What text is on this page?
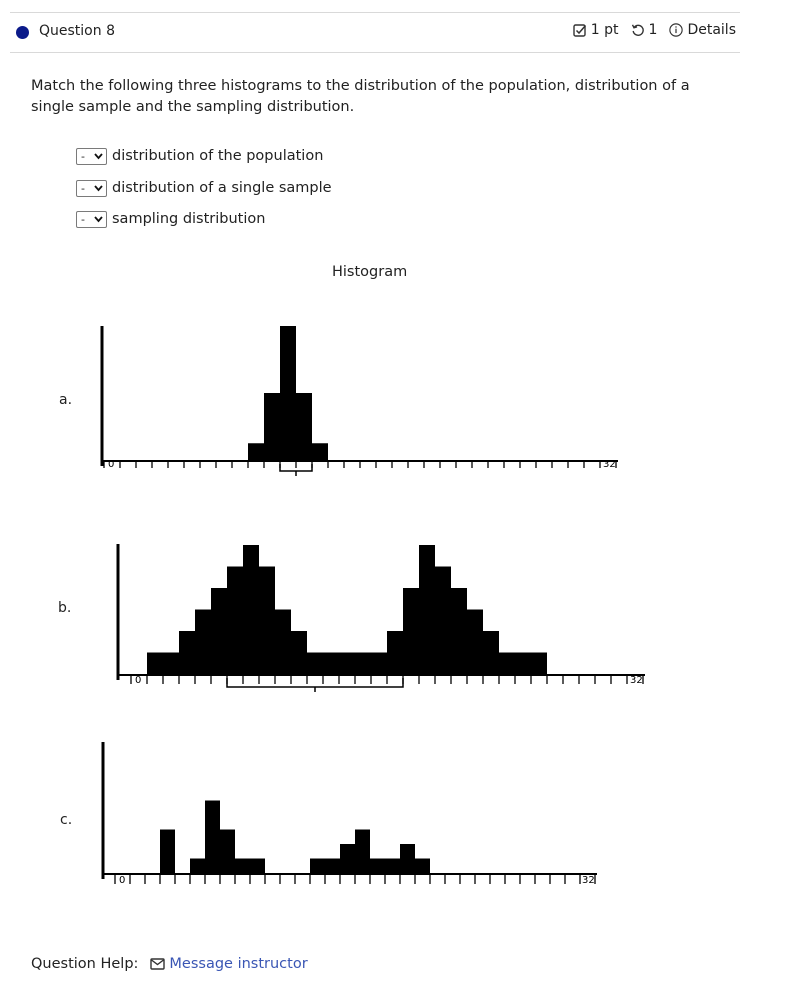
Question 8	1 pt 1 Details
Match the following three histograms to the distribution of the population, distribution of a single sample and the sampling distribution.
- distribution of the population
- distribution of a single sample
- sampling distribution
Histogram
a.
b.
c.
0	32
0	32
0	32
Question Help: Message instructor
